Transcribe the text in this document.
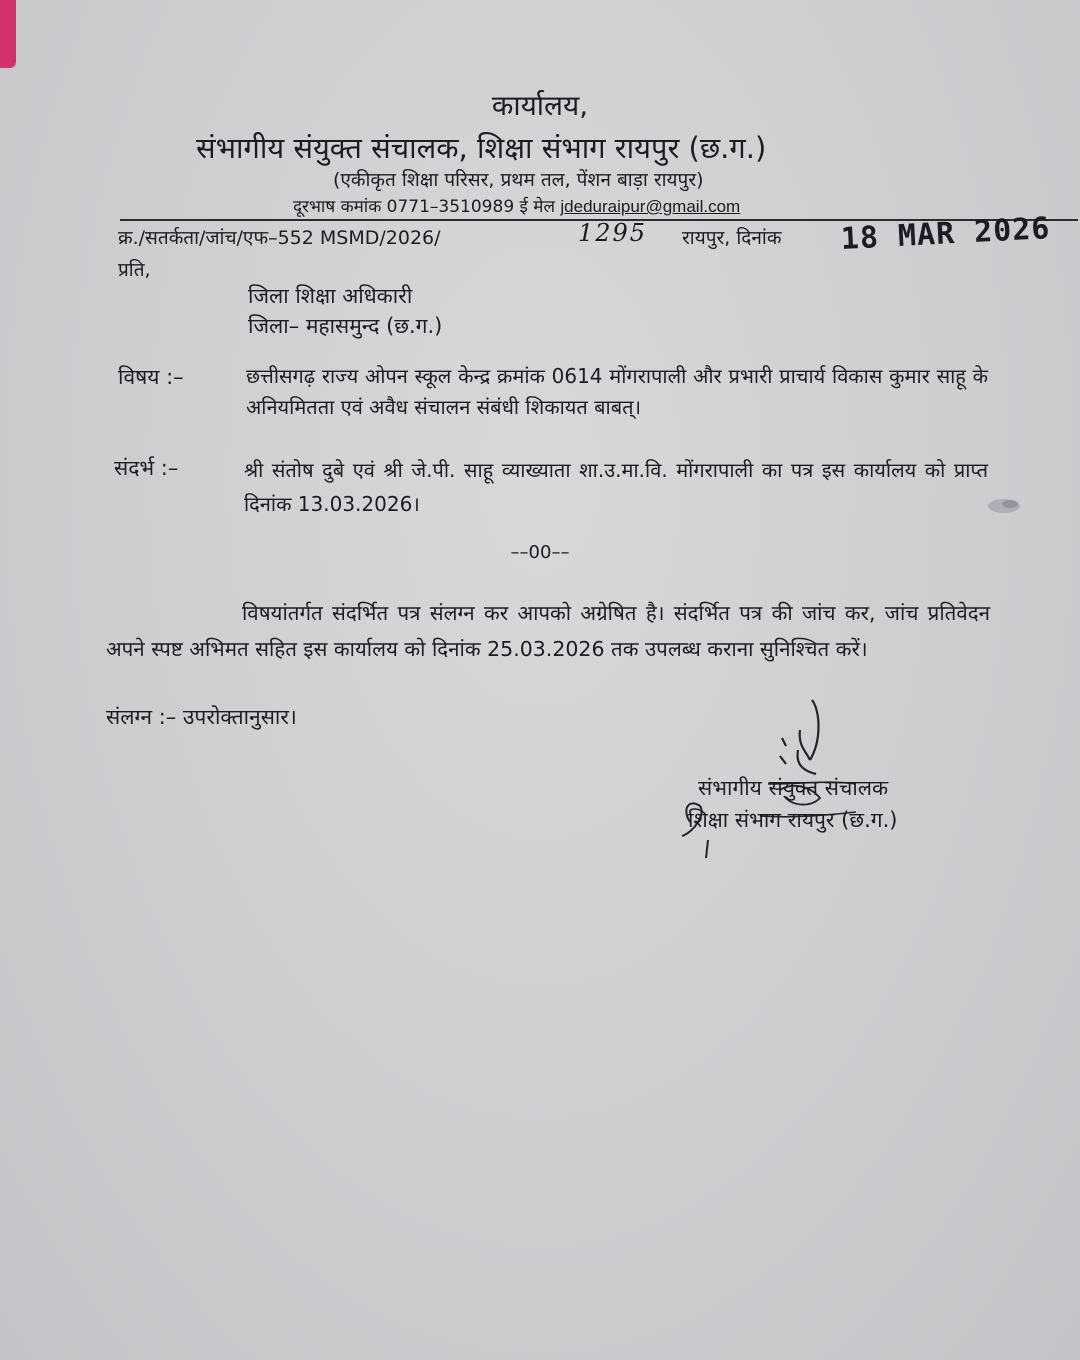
कार्यालय,
संभागीय संयुक्त संचालक, शिक्षा संभाग रायपुर (छ.ग.)
(एकीकृत शिक्षा परिसर, प्रथम तल, पेंशन बाड़ा रायपुर)
दूरभाष कमांक 0771–3510989 ई मेल jdeduraipur@gmail.com
क्र./सतर्कता/जांच/एफ–552 MSMD/2026/	1295 रायपुर, दिनांक 18 MAR 2026
प्रति,
जिला शिक्षा अधिकारी
जिला– महासमुन्द (छ.ग.)
विषय :–	छत्तीसगढ़ राज्य ओपन स्कूल केन्द्र क्रमांक 0614 मोंगरापाली और प्रभारी प्राचार्य विकास कुमार साहू के अनियमितता एवं अवैध संचालन संबंधी शिकायत बाबत्।
संदर्भ :–	श्री संतोष दुबे एवं श्री जे.पी. साहू व्याख्याता शा.उ.मा.वि. मोंगरापाली का पत्र इस कार्यालय को प्राप्त दिनांक 13.03.2026।
––00––
विषयांतर्गत संदर्भित पत्र संलग्न कर आपको अग्रेषित है। संदर्भित पत्र की जांच कर, जांच प्रतिवेदन अपने स्पष्ट अभिमत सहित इस कार्यालय को दिनांक 25.03.2026 तक उपलब्ध कराना सुनिश्चित करें।
संलग्न :– उपरोक्तानुसार।
संभागीय संयुक्त संचालक
शिक्षा संभाग रायपुर (छ.ग.)
